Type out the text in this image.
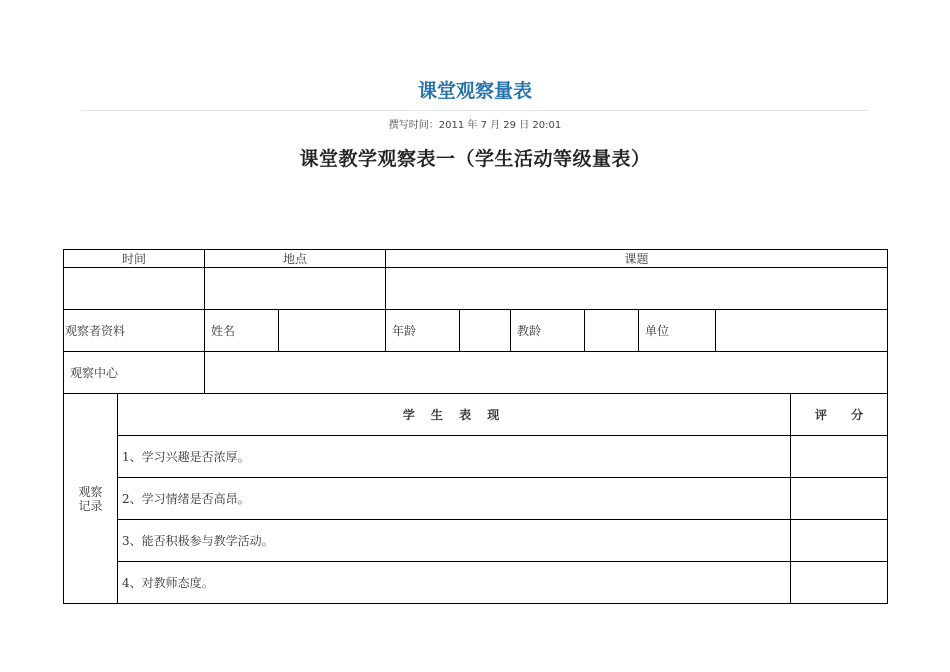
课堂观察量表
撰写时间：2011 年 7 月 29 日 20:01
课堂教学观察表一（学生活动等级量表）
时间		地点		课题						

观察者资料		姓名		年龄		教龄		单位		
观察中心										
观察记录	学 生 表 现									评 分
	1、学习兴趣是否浓厚。									
	2、学习情绪是否高昂。									
	3、能否积极参与教学活动。									
	4、对教师态度。									
